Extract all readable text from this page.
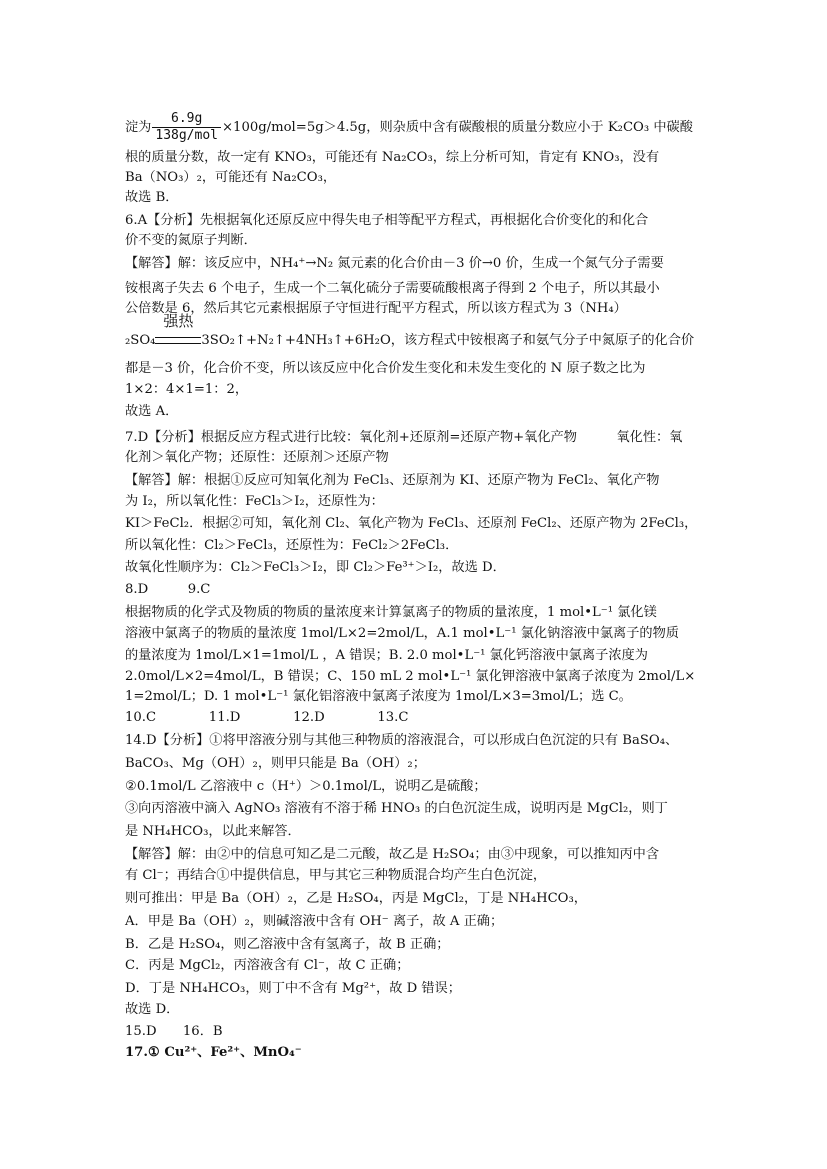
淀为 $\frac{6.9g}{\text{138g/mol}} \times 100g/mol=5g>4.5g$，则杂质中含有碳酸根的质量分数应小于 K₂CO₃ 中碳酸
根的质量分数，故一定有 KNO₃，可能还有 Na₂CO₃，综上分析可知，肯定有 KNO₃，没有
Ba（NO₃）₂，可能还有 Na₂CO₃，
故选 B．
6.A【分析】先根据氧化还原反应中得失电子相等配平方程式，再根据化合价变化的和化合
价不变的氮原子判断．
【解答】解：该反应中，NH₄⁺→N₂ 氮元素的化合价由－3 价→0 价，生成一个氮气分子需要
铵根离子失去 6 个电子，生成一个二氧化硫分子需要硫酸根离子得到 2 个电子，所以其最小
公倍数是 6，然后其它元素根据原子守恒进行配平方程式，所以该方程式为 3（NH₄）
₂SO₄
强热
3SO₂↑+N₂↑+4NH₃↑+6H₂O，该方程式中铵根离子和氨气分子中氮原子的化合价
都是－3 价，化合价不变，所以该反应中化合价发生变化和未发生变化的 N 原子数之比为
1×2：4×1=1：2，
故选 A．
7.D【分析】根据反应方程式进行比较：氧化剂+还原剂=还原产物+氧化产物　　　氧化性：氧
化剂＞氧化产物；还原性：还原剂＞还原产物
【解答】解：根据①反应可知氧化剂为 FeCl₃、还原剂为 KI、还原产物为 FeCl₂、氧化产物
为 I₂，所以氧化性：FeCl₃＞I₂，还原性为：
KI＞FeCl₂．根据②可知，氧化剂 Cl₂、氧化产物为 FeCl₃、还原剂 FeCl₂、还原产物为 2FeCl₃，
所以氧化性：Cl₂＞FeCl₃，还原性为：FeCl₂＞2FeCl₃．
故氧化性顺序为：Cl₂＞FeCl₃＞I₂，即 Cl₂＞Fe³⁺＞I₂，故选 D．
8.D　　　9.C
根据物质的化学式及物质的物质的量浓度来计算氯离子的物质的量浓度，1 mol•L⁻¹ 氯化镁
溶液中氯离子的物质的量浓度 1mol/L×2=2mol/L，A.1 mol•L⁻¹ 氯化钠溶液中氯离子的物质
的量浓度为 1mol/L×1=1mol/L ，A 错误；B. 2.0 mol•L⁻¹ 氯化钙溶液中氯离子浓度为
2.0mol/L×2=4mol/L，B 错误；C、150 mL 2 mol•L⁻¹ 氯化钾溶液中氯离子浓度为 2mol/L×
1=2mol/L；D. 1 mol•L⁻¹ 氯化铝溶液中氯离子浓度为 1mol/L×3=3mol/L；选 C。
10.C　　　　11.D　　　　12.D　　　　13.C
14.D【分析】①将甲溶液分别与其他三种物质的溶液混合，可以形成白色沉淀的只有 BaSO₄、
BaCO₃、Mg（OH）₂，则甲只能是 Ba（OH）₂；
②0.1mol/L 乙溶液中 c（H⁺）＞0.1mol/L，说明乙是硫酸；
③向丙溶液中滴入 AgNO₃ 溶液有不溶于稀 HNO₃ 的白色沉淀生成，说明丙是 MgCl₂，则丁
是 NH₄HCO₃，以此来解答．
【解答】解：由②中的信息可知乙是二元酸，故乙是 H₂SO₄；由③中现象，可以推知丙中含
有 Cl⁻；再结合①中提供信息，甲与其它三种物质混合均产生白色沉淀，
则可推出：甲是 Ba（OH）₂，乙是 H₂SO₄，丙是 MgCl₂，丁是 NH₄HCO₃，
A．甲是 Ba（OH）₂，则碱溶液中含有 OH⁻ 离子，故 A 正确；
B．乙是 H₂SO₄，则乙溶液中含有氢离子，故 B 正确；
C．丙是 MgCl₂，丙溶液含有 Cl⁻，故 C 正确；
D．丁是 NH₄HCO₃，则丁中不含有 Mg²⁺，故 D 错误；
故选 D．
15.D　　16．B
17.① Cu²⁺、Fe²⁺、MnO₄⁻
